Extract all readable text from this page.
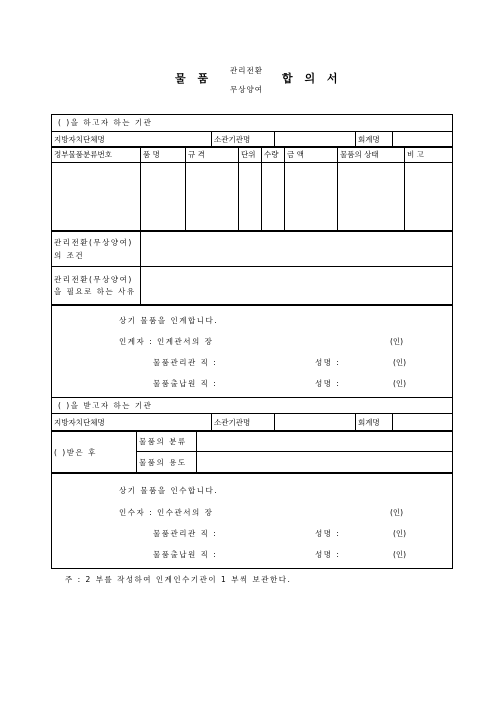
관리전환
물 품	합 의 서
무상양여
( )을 하고자 하는 기관
지방자치단체명	소관기관명		회계명	
정부물품분류번호	품 명	규 격	단위	수량	금 액	물품의 상태	비 고

관리전환(무상양여)의 조건	
관리전환(무상양여)을 필요로 하는 사유	
상기 물품을 인계합니다.
인계자 : 인계관서의 장	(인)
물품관리관 직 :	성명 :	(인)
물품출납원 직 :	성명 :	(인)
( )을 받고자 하는 기관
지방자치단체명	소관기관명		회계명	
( )받은 후	물품의 분류	
	물품의 용도	
상기 물품을 인수합니다.
인수자 : 인수관서의 장	(인)
물품관리관 직 :	성명 :	(인)
물품출납원 직 :	성명 :	(인)
주 : 2 부를 작성하여 인계인수기관이 1 부씩 보관한다.
